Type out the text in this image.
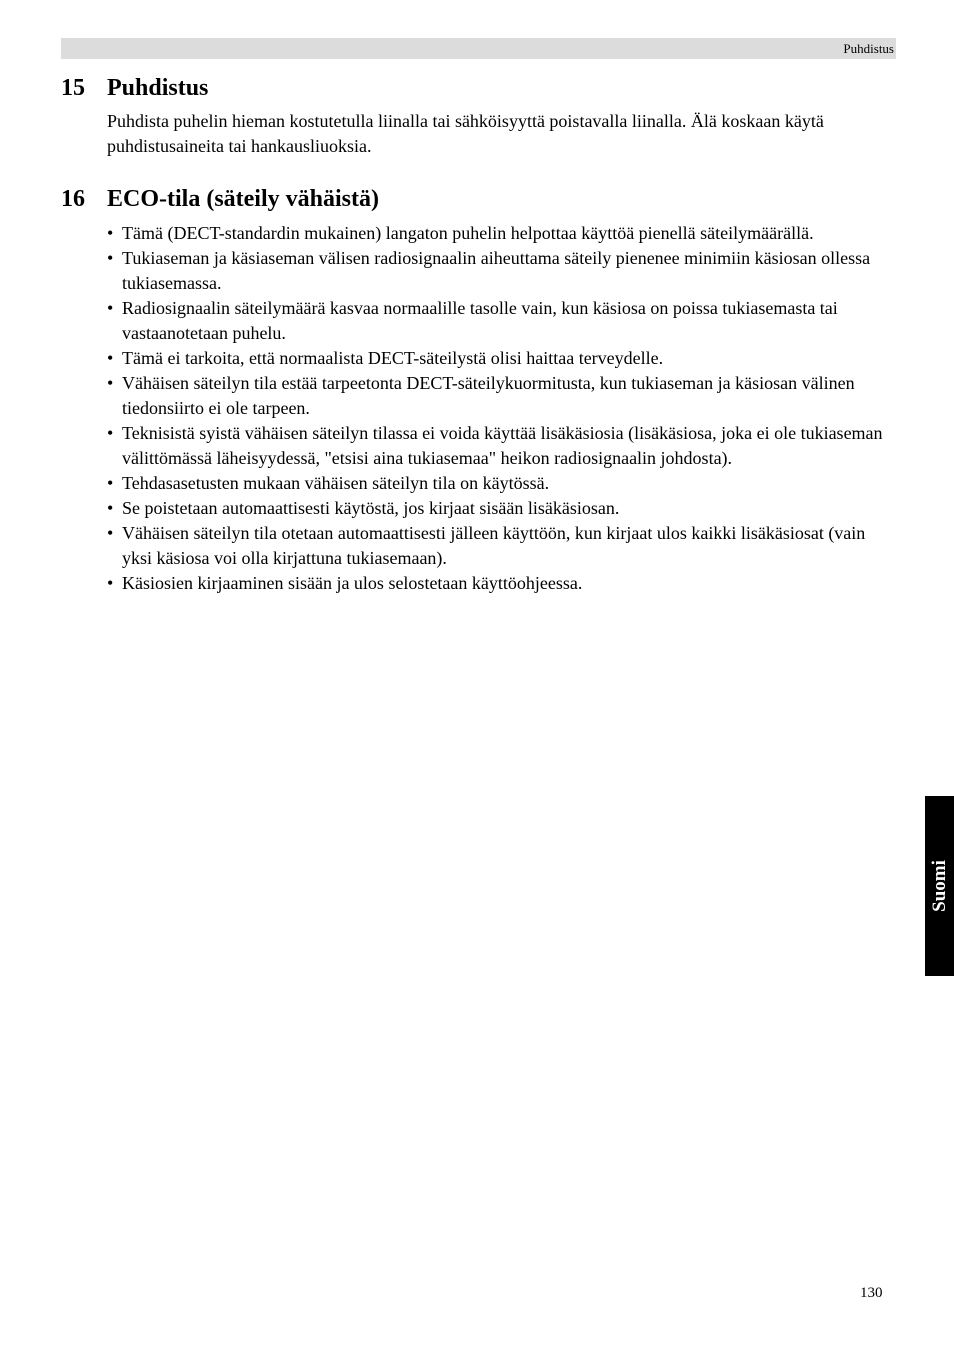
Puhdistus
15 Puhdistus

Puhdista puhelin hieman kostutetulla liinalla tai sähköisyyttä poistavalla liinalla. Älä koskaan käytä puhdistusaineita tai hankausliuoksia.

16 ECO-tila (säteily vähäistä)
• Tämä (DECT-standardin mukainen) langaton puhelin helpottaa käyttöä pienellä säteilymäärällä.
• Tukiaseman ja käsiaseman välisen radiosignaalin aiheuttama säteily pienenee minimiin käsiosan ollessa tukiasemassa.
• Radiosignaalin säteilymäärä kasvaa normaalille tasolle vain, kun käsiosa on poissa tukiasemasta tai vastaanotetaan puhelu.
• Tämä ei tarkoita, että normaalista DECT-säteilystä olisi haittaa terveydelle.
• Vähäisen säteilyn tila estää tarpeetonta DECT-säteilykuormitusta, kun tukiaseman ja käsiosan välinen tiedonsiirto ei ole tarpeen.
• Teknisistä syistä vähäisen säteilyn tilassa ei voida käyttää lisäkäsiosia (lisäkäsiosa, joka ei ole tukiaseman välittömässä läheisyydessä, "etsisi aina tukiasemaa" heikon radiosignaalin johdosta).
• Tehdasasetusten mukaan vähäisen säteilyn tila on käytössä.
• Se poistetaan automaattisesti käytöstä, jos kirjaat sisään lisäkäsiosan.
• Vähäisen säteilyn tila otetaan automaattisesti jälleen käyttöön, kun kirjaat ulos kaikki lisäkäsiosat (vain yksi käsiosa voi olla kirjattuna tukiasemaan).
• Käsiosien kirjaaminen sisään ja ulos selostetaan käyttöohjeessa.
Suomi
130
